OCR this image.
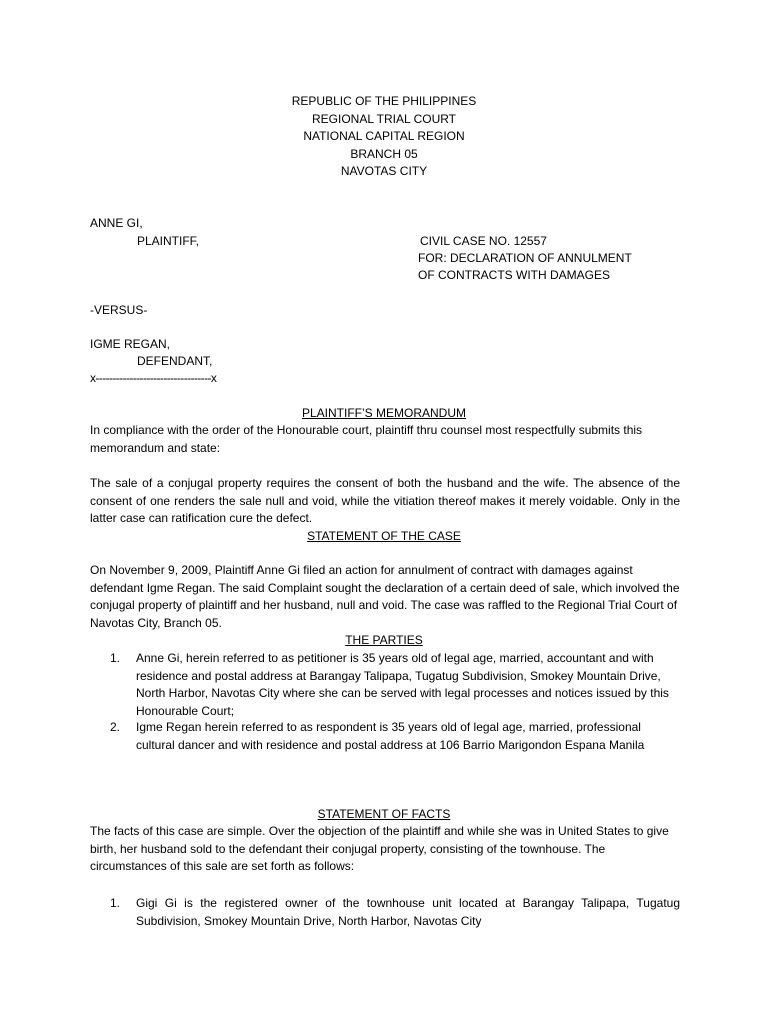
REPUBLIC OF THE PHILIPPINES
REGIONAL TRIAL COURT
NATIONAL CAPITAL REGION
BRANCH 05
NAVOTAS CITY
ANNE GI,
PLAINTIFF,	CIVIL CASE NO. 12557
FOR: DECLARATION OF ANNULMENT
OF CONTRACTS WITH DAMAGES
-VERSUS-
IGME REGAN,
DEFENDANT,
x----------------------------------x
PLAINTIFF’S MEMORANDUM
In compliance with the order of the Honourable court, plaintiff thru counsel most respectfully submits this memorandum and state:
The sale of a conjugal property requires the consent of both the husband and the wife. The absence of the consent of one renders the sale null and void, while the vitiation thereof makes it merely voidable. Only in the latter case can ratification cure the defect.
STATEMENT OF THE CASE
On November 9, 2009, Plaintiff Anne Gi filed an action for annulment of contract with damages against defendant Igme Regan. The said Complaint sought the declaration of a certain deed of sale, which involved the conjugal property of plaintiff and her husband, null and void. The case was raffled to the Regional Trial Court of Navotas City, Branch 05.
THE PARTIES
1. Anne Gi, herein referred to as petitioner is 35 years old of legal age, married, accountant and with residence and postal address at Barangay Talipapa, Tugatug Subdivision, Smokey Mountain Drive, North Harbor, Navotas City where she can be served with legal processes and notices issued by this Honourable Court;
2. Igme Regan herein referred to as respondent is 35 years old of legal age, married, professional cultural dancer and with residence and postal address at 106 Barrio Marigondon Espana Manila
STATEMENT OF FACTS
The facts of this case are simple. Over the objection of the plaintiff and while she was in United States to give birth, her husband sold to the defendant their conjugal property, consisting of the townhouse. The circumstances of this sale are set forth as follows:
1. Gigi Gi is the registered owner of the townhouse unit located at Barangay Talipapa, Tugatug Subdivision, Smokey Mountain Drive, North Harbor, Navotas City
